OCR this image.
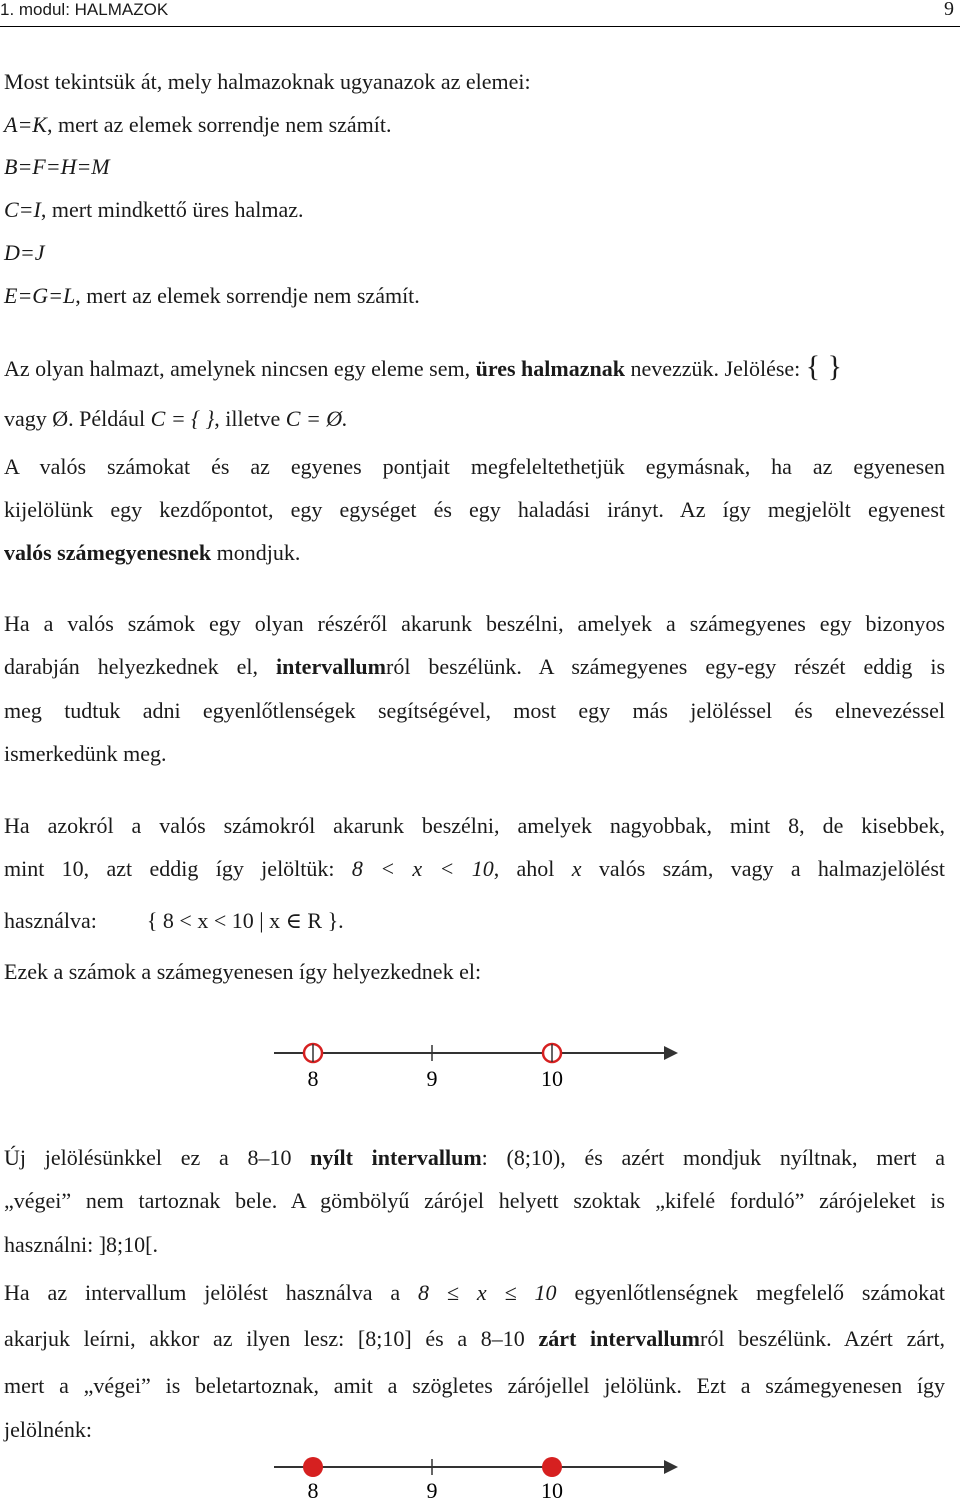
1. modul: HALMAZOK	9
Most tekintsük át, mely halmazoknak ugyanazok az elemei:
A=K, mert az elemek sorrendje nem számít.
B=F=H=M
C=I, mert mindkettő üres halmaz.
D=J
E=G=L, mert az elemek sorrendje nem számít.
Az olyan halmazt, amelynek nincsen egy eleme sem, üres halmaznak nevezzük. Jelölése: { }
vagy Ø. Például C = { }, illetve C = Ø.
A valós számokat és az egyenes pontjait megfeleltethetjük egymásnak, ha az egyenesen
kijelölünk egy kezdőpontot, egy egységet és egy haladási irányt. Az így megjelölt egyenest
valós számegyenesnek mondjuk.
Ha a valós számok egy olyan részéről akarunk beszélni, amelyek a számegyenes egy bizonyos
darabján helyezkednek el, intervallumról beszélünk. A számegyenes egy-egy részét eddig is
meg tudtuk adni egyenlőtlenségek segítségével, most egy más jelöléssel és elnevezéssel
ismerkedünk meg.
Ha azokról a valós számokról akarunk beszélni, amelyek nagyobbak, mint 8, de kisebbek,
mint 10, azt eddig így jelöltük: 8 < x < 10, ahol x valós szám, vagy a halmazjelölést
használva: { 8 < x < 10 | x ∈ R }.
Ezek a számok a számegyenesen így helyezkednek el:
8	9	10
Új jelölésünkkel ez a 8–10 nyílt intervallum: (8;10), és azért mondjuk nyíltnak, mert a
„végei” nem tartoznak bele. A gömbölyű zárójel helyett szoktak „kifelé forduló” zárójeleket is
használni: ]8;10[.
Ha az intervallum jelölést használva a 8 ≤ x ≤ 10 egyenlőtlenségnek megfelelő számokat
akarjuk leírni, akkor az ilyen lesz: [8;10] és a 8–10 zárt intervallumról beszélünk. Azért zárt,
mert a „végei” is beletartoznak, amit a szögletes zárójellel jelölünk. Ezt a számegyenesen így
jelölnénk:
8	9	10
